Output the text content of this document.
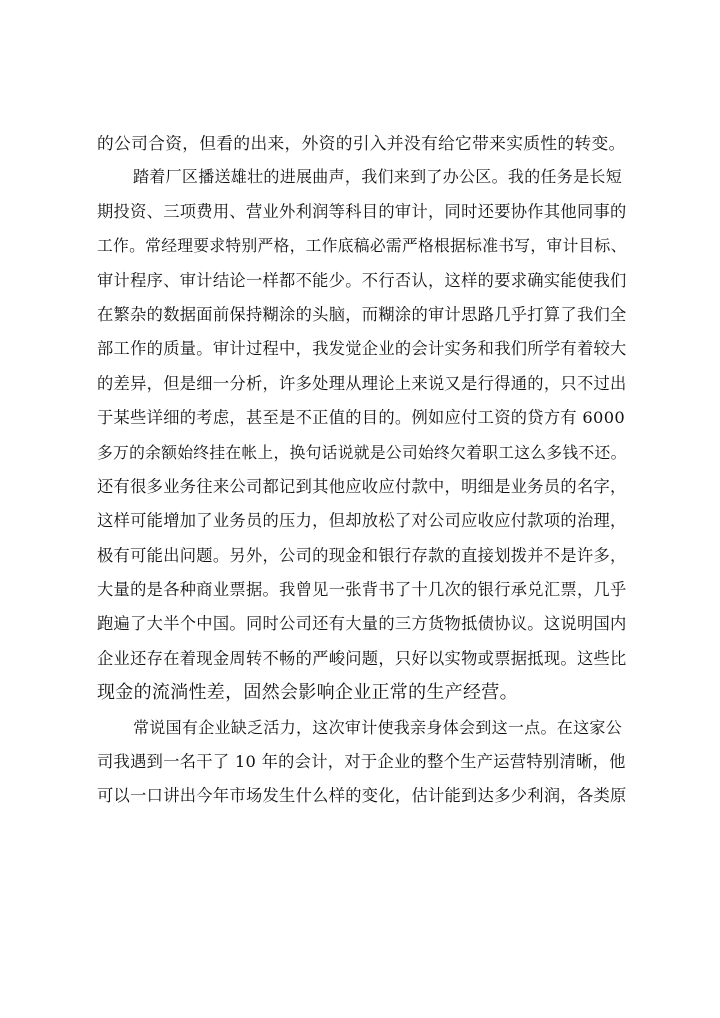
的公司合资，但看的出来，外资的引入并没有给它带来实质性的转变。
踏着厂区播送雄壮的进展曲声，我们来到了办公区。我的任务是长短
期投资、三项费用、营业外利润等科目的审计，同时还要协作其他同事的
工作。常经理要求特别严格，工作底稿必需严格根据标准书写，审计目标、
审计程序、审计结论一样都不能少。不行否认，这样的要求确实能使我们
在繁杂的数据面前保持糊涂的头脑，而糊涂的审计思路几乎打算了我们全
部工作的质量。审计过程中，我发觉企业的会计实务和我们所学有着较大
的差异，但是细一分析，许多处理从理论上来说又是行得通的，只不过出
于某些详细的考虑，甚至是不正值的目的。例如应付工资的贷方有 6000
多万的余额始终挂在帐上，换句话说就是公司始终欠着职工这么多钱不还。
还有很多业务往来公司都记到其他应收应付款中，明细是业务员的名字，
这样可能增加了业务员的压力，但却放松了对公司应收应付款项的治理，
极有可能出问题。另外，公司的现金和银行存款的直接划拨并不是许多，
大量的是各种商业票据。我曾见一张背书了十几次的银行承兑汇票，几乎
跑遍了大半个中国。同时公司还有大量的三方货物抵债协议。这说明国内
企业还存在着现金周转不畅的严峻问题，只好以实物或票据抵现。这些比
现金的流淌性差，固然会影响企业正常的生产经营。
常说国有企业缺乏活力，这次审计使我亲身体会到这一点。在这家公
司我遇到一名干了 10 年的会计，对于企业的整个生产运营特别清晰，他
可以一口讲出今年市场发生什么样的变化，估计能到达多少利润，各类原
